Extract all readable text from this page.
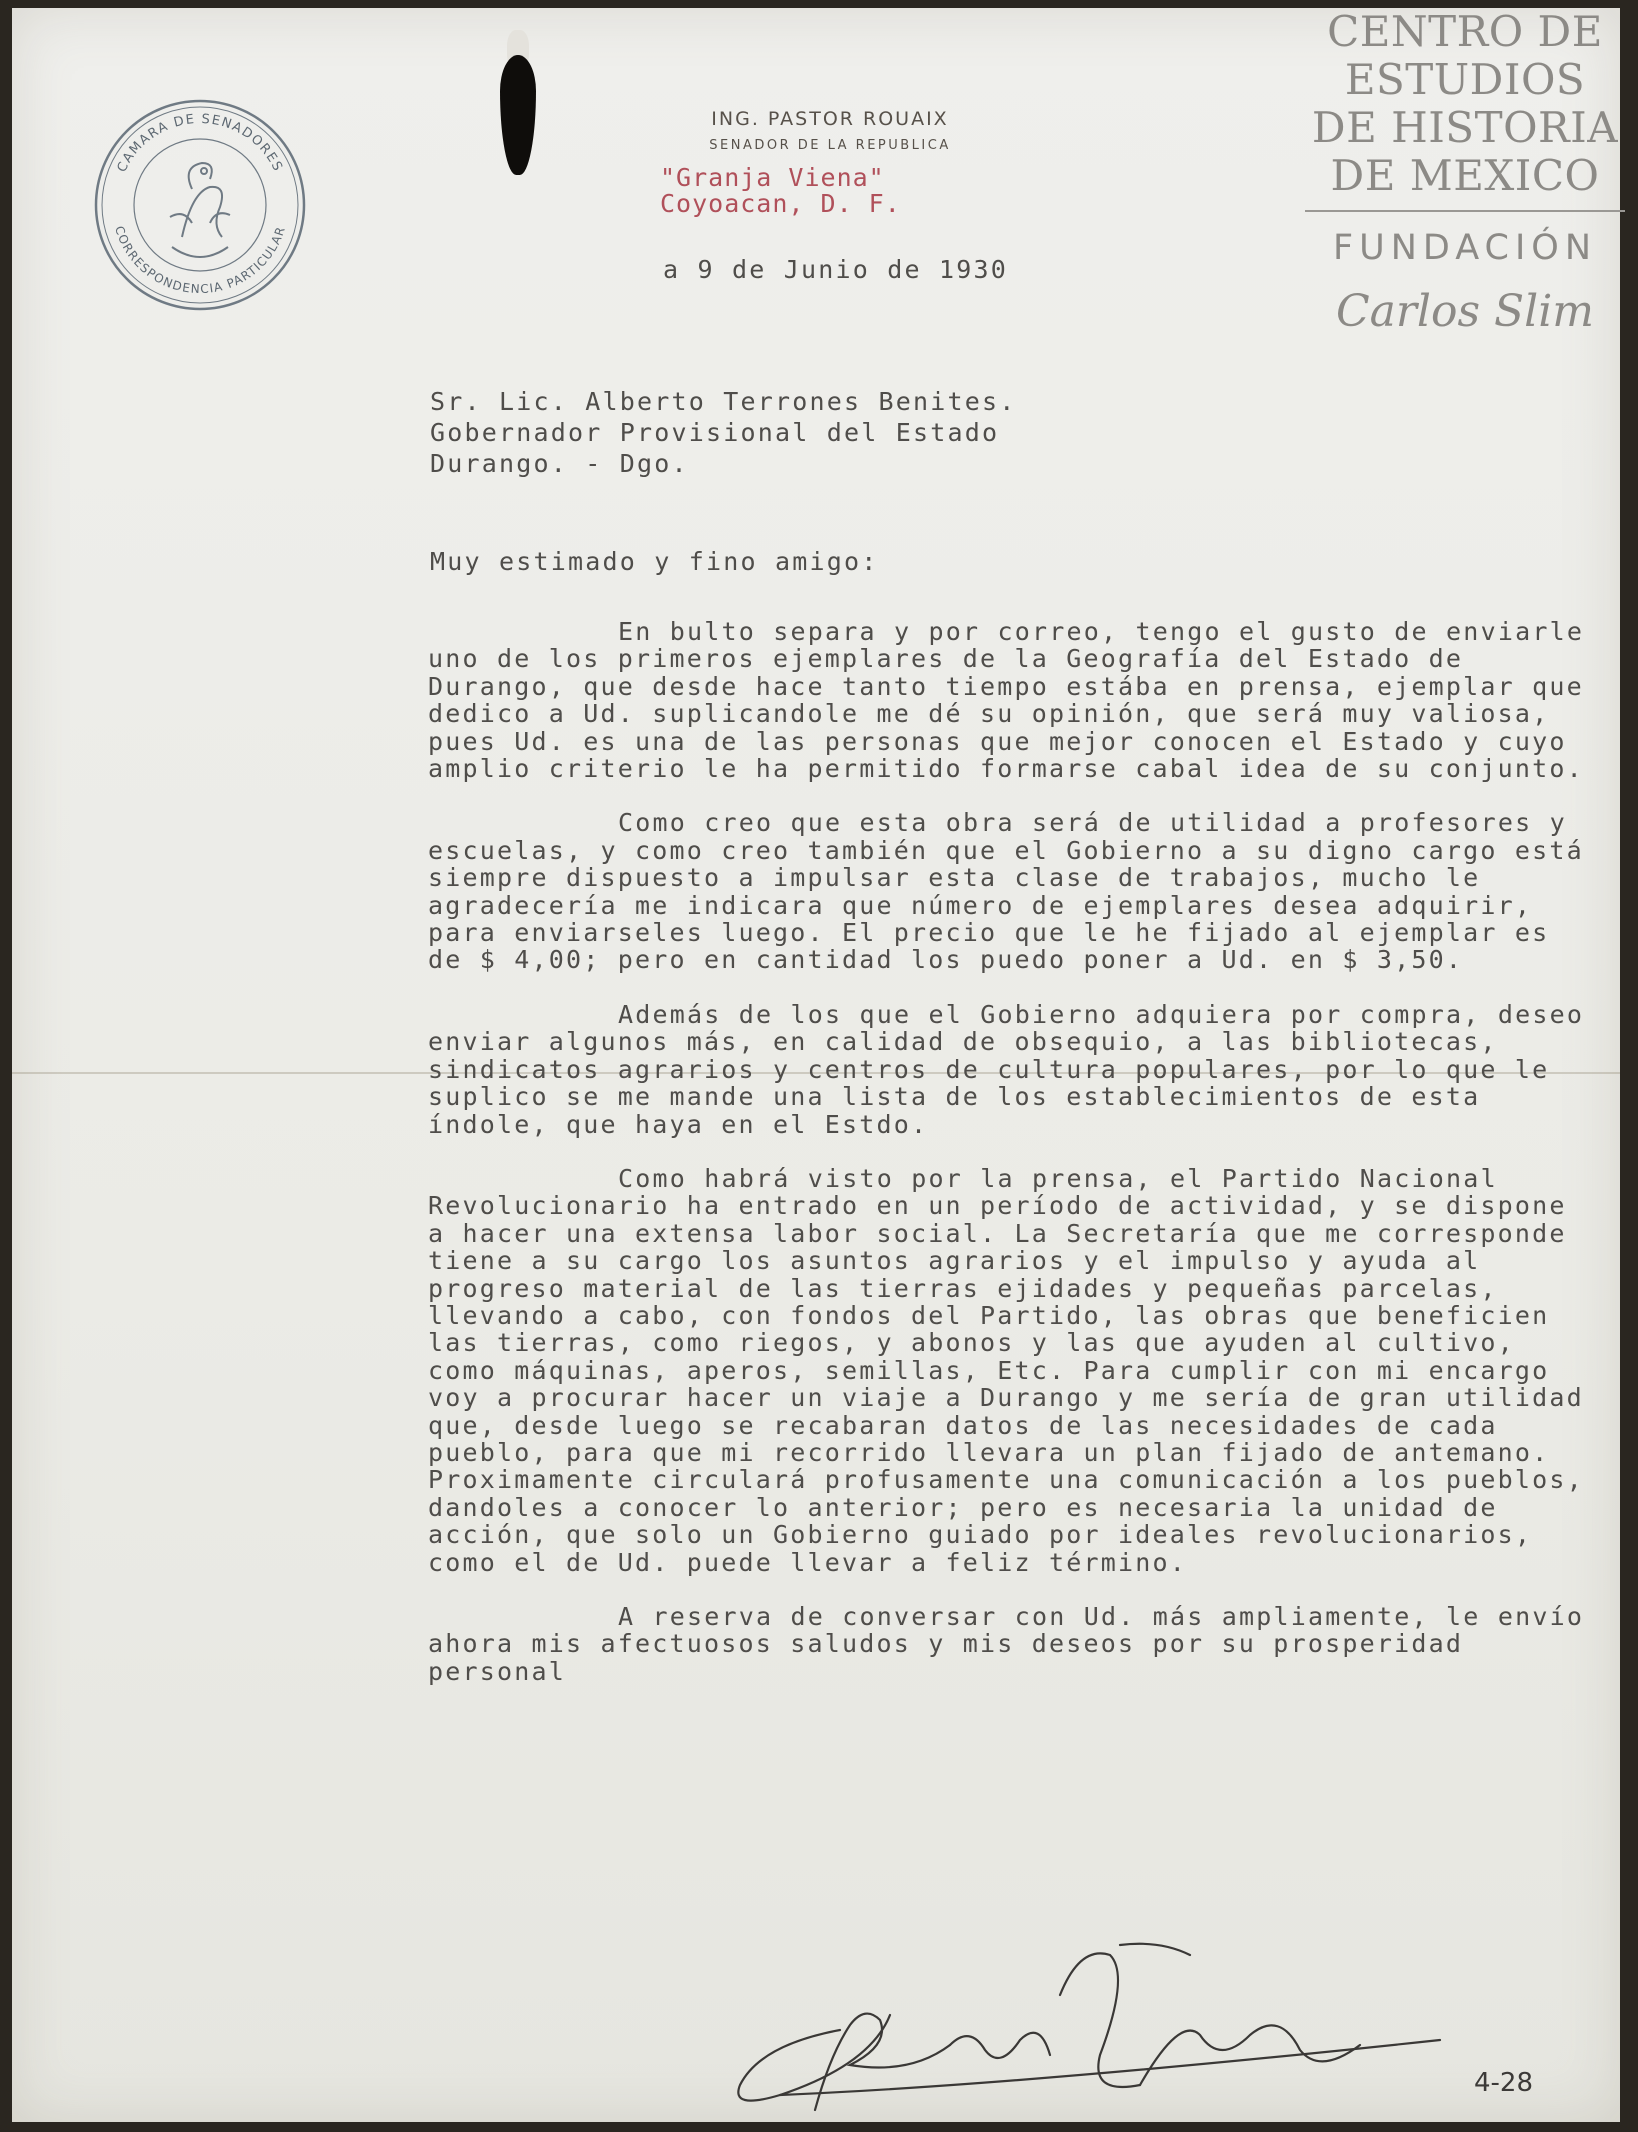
CAMARA DE SENADORES
CORRESPONDENCIA PARTICULAR
ING. PASTOR ROUAIX
SENADOR DE LA REPUBLICA
"Granja Viena"
Coyoacan, D. F.
a 9 de Junio de 1930
Sr. Lic. Alberto Terrones Benites.
Gobernador Provisional del Estado
Durango. - Dgo.
Muy estimado y fino amigo:

En bulto separa y por correo, tengo el gusto de enviarle uno de los primeros ejemplares de la Geografía del Estado de Durango, que desde hace tanto tiempo estába en prensa, ejemplar que dedico a Ud. suplicandole me dé su opinión, que será muy valiosa, pues Ud. es una de las personas que mejor conocen el Estado y cuyo amplio criterio le ha permitido formarse cabal idea de su conjunto.

Como creo que esta obra será de utilidad a profesores y escuelas, y como creo también que el Gobierno a su digno cargo está siempre dispuesto a impulsar esta clase de trabajos, mucho le agradecería me indicara que número de ejemplares desea adquirir, para enviarseles luego. El precio que le he fijado al ejemplar es de $ 4,00; pero en cantidad los puedo poner a Ud. en $ 3,50.

Además de los que el Gobierno adquiera por compra, deseo enviar algunos más, en calidad de obsequio, a las bibliotecas, sindicatos agrarios y centros de cultura populares, por lo que le suplico se me mande una lista de los establecimientos de esta índole, que haya en el Estdo.

Como habrá visto por la prensa, el Partido Nacional Revolucionario ha entrado en un período de actividad, y se dispone a hacer una extensa labor social. La Secretaría que me corresponde tiene a su cargo los asuntos agrarios y el impulso y ayuda al progreso material de las tierras ejidades y pequeñas parcelas, llevando a cabo, con fondos del Partido, las obras que beneficien las tierras, como riegos, y abonos y las que ayuden al cultivo, como máquinas, aperos, semillas, Etc. Para cumplir con mi encargo voy a procurar hacer un viaje a Durango y me sería de gran utilidad que, desde luego se recabaran datos de las necesidades de cada pueblo, para que mi recorrido llevara un plan fijado de antemano. Proximamente circulará profusamente una comunicación a los pueblos, dandoles a conocer lo anterior; pero es necesaria la unidad de acción, que solo un Gobierno guiado por ideales revolucionarios, como el de Ud. puede llevar a feliz término.

A reserva de conversar con Ud. más ampliamente, le envío ahora mis afectuosos saludos y mis deseos por su prosperidad personal

Pastor Rouaix
4-28
CENTRO DE
ESTUDIOS
DE HISTORIA
DE MEXICO
FUNDACIÓN
Carlos Slim
